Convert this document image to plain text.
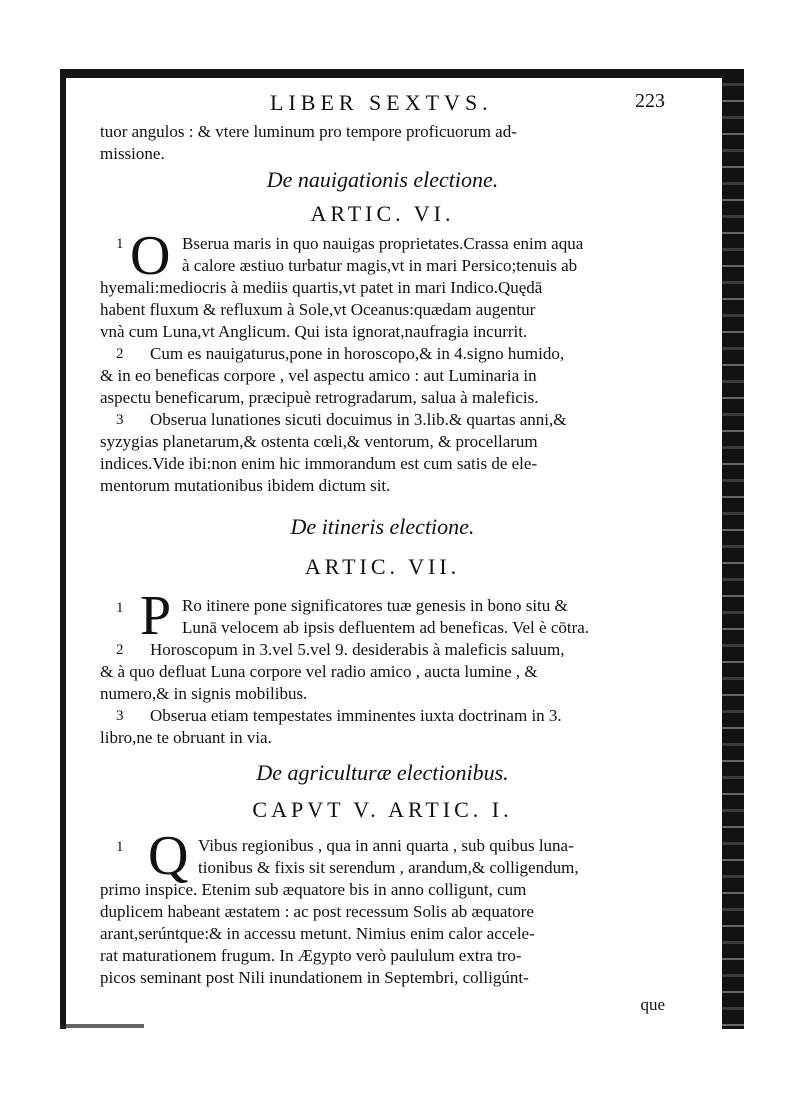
LIBER SEXTVS.	223
tuor angulos : & vtere luminum pro tempore proficuorum ad-
missione.
De nauigationis electione.
ARTIC. VI.
1 O Bserua maris in quo nauigas proprietates.Crassa enim aqua
à calore æstiuo turbatur magis,vt in mari Persico;tenuis ab
hyemali:mediocris à mediis quartis,vt patet in mari Indico.Quędā
habent fluxum & refluxum à Sole,vt Oceanus:quædam augentur
vnà cum Luna,vt Anglicum. Qui ista ignorat,naufragia incurrit.
2	Cum es nauigaturus,pone in horoscopo,& in 4.signo humido,
& in eo beneficas corpore , vel aspectu amico : aut Luminaria in
aspectu beneficarum, præcipuè retrogradarum, salua à maleficis.
3	Obserua lunationes sicuti docuimus in 3.lib.& quartas anni,&
syzygias planetarum,& ostenta cœli,& ventorum, & procellarum
indices.Vide ibi:non enim hic immorandum est cum satis de ele-
mentorum mutationibus ibidem dictum sit.
De itineris electione.
ARTIC. VII.
1 P Ro itinere pone significatores tuæ genesis in bono situ &
Lunā velocem ab ipsis defluentem ad beneficas. Vel è cōtra.
2	Horoscopum in 3.vel 5.vel 9. desiderabis à maleficis saluum,
& à quo defluat Luna corpore vel radio amico , aucta lumine , &
numero,& in signis mobilibus.
3	Obserua etiam tempestates imminentes iuxta doctrinam in 3.
libro,ne te obruant in via.
De agriculturæ electionibus.
CAPVT V. ARTIC. I.
1 Q Vibus regionibus , qua in anni quarta , sub quibus luna-
tionibus & fixis sit serendum , arandum,& colligendum,
primo inspice. Etenim sub æquatore bis in anno colligunt, cum
duplicem habeant æstatem : ac post recessum Solis ab æquatore
arant,serúntque:& in accessu metunt. Nimius enim calor accele-
rat maturationem frugum. In Ægypto verò paululum extra tro-
picos seminant post Nili inundationem in Septembri, colligúnt-
que
